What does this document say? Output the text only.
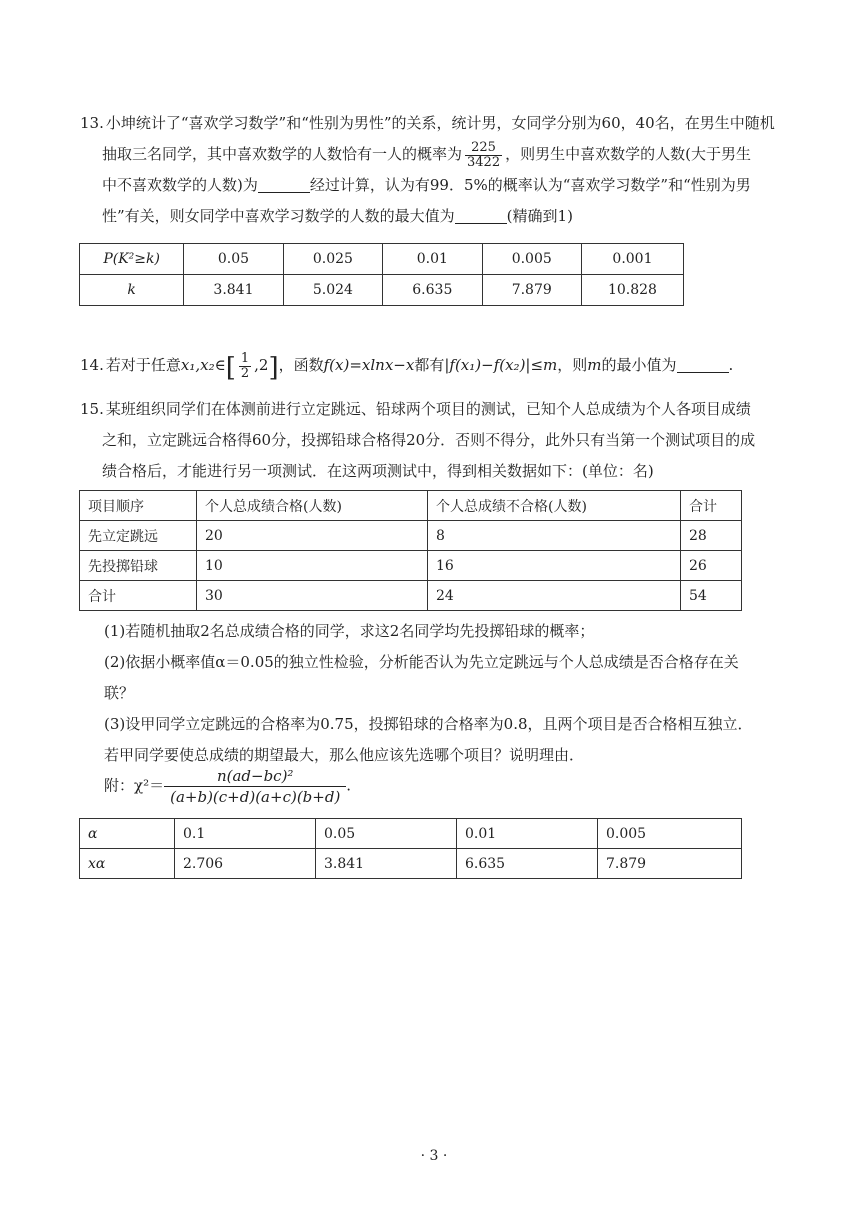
13. 小坤统计了“喜欢学习数学”和“性别为男性”的关系，统计男，女同学分别为60，40名，在男生中随机
抽取三名同学，其中喜欢数学的人数恰有一人的概率为 $\frac{225}{3422}$ ，则男生中喜欢数学的人数(大于男生
中不喜欢数学的人数)为	经过计算，认为有99．5%的概率认为“喜欢学习数学”和“性别为男
性”有关，则女同学中喜欢学习数学的人数的最大值为	(精确到1)
P(K²≥k)	0.05	0.025	0.01	0.005	0.001
k	3.841	5.024	6.635	7.879	10.828
14. 若对于任意x₁,x₂∈[ $\frac{1}{2} ,2$]，函数f(x)=xlnx−x都有|f(x₁)−f(x₂)|≤m，则m的最小值为	.
15. 某班组织同学们在体测前进行立定跳远、铅球两个项目的测试，已知个人总成绩为个人各项目成绩
之和，立定跳远合格得60分，投掷铅球合格得20分．否则不得分，此外只有当第一个测试项目的成
绩合格后，才能进行另一项测试．在这两项测试中，得到相关数据如下：(单位：名)
项目顺序	个人总成绩合格(人数)	个人总成绩不合格(人数)	合计
先立定跳远	20	8	28
先投掷铅球	10	16	26
合计	30	24	54
(1)若随机抽取2名总成绩合格的同学，求这2名同学均先投掷铅球的概率；
(2)依据小概率值α＝0.05的独立性检验，分析能否认为先立定跳远与个人总成绩是否合格存在关
联？
(3)设甲同学立定跳远的合格率为0.75，投掷铅球的合格率为0.8，且两个项目是否合格相互独立．
若甲同学要使总成绩的期望最大，那么他应该先选哪个项目？说明理由．
附：$\chi^2= \frac{\text{n(ad−bc)²}}{(a+b)(c+d)(a+c)(b+d)}$ .
α	0.1	0.05	0.01	0.005
xα	2.706	3.841	6.635	7.879
· 3 ·
